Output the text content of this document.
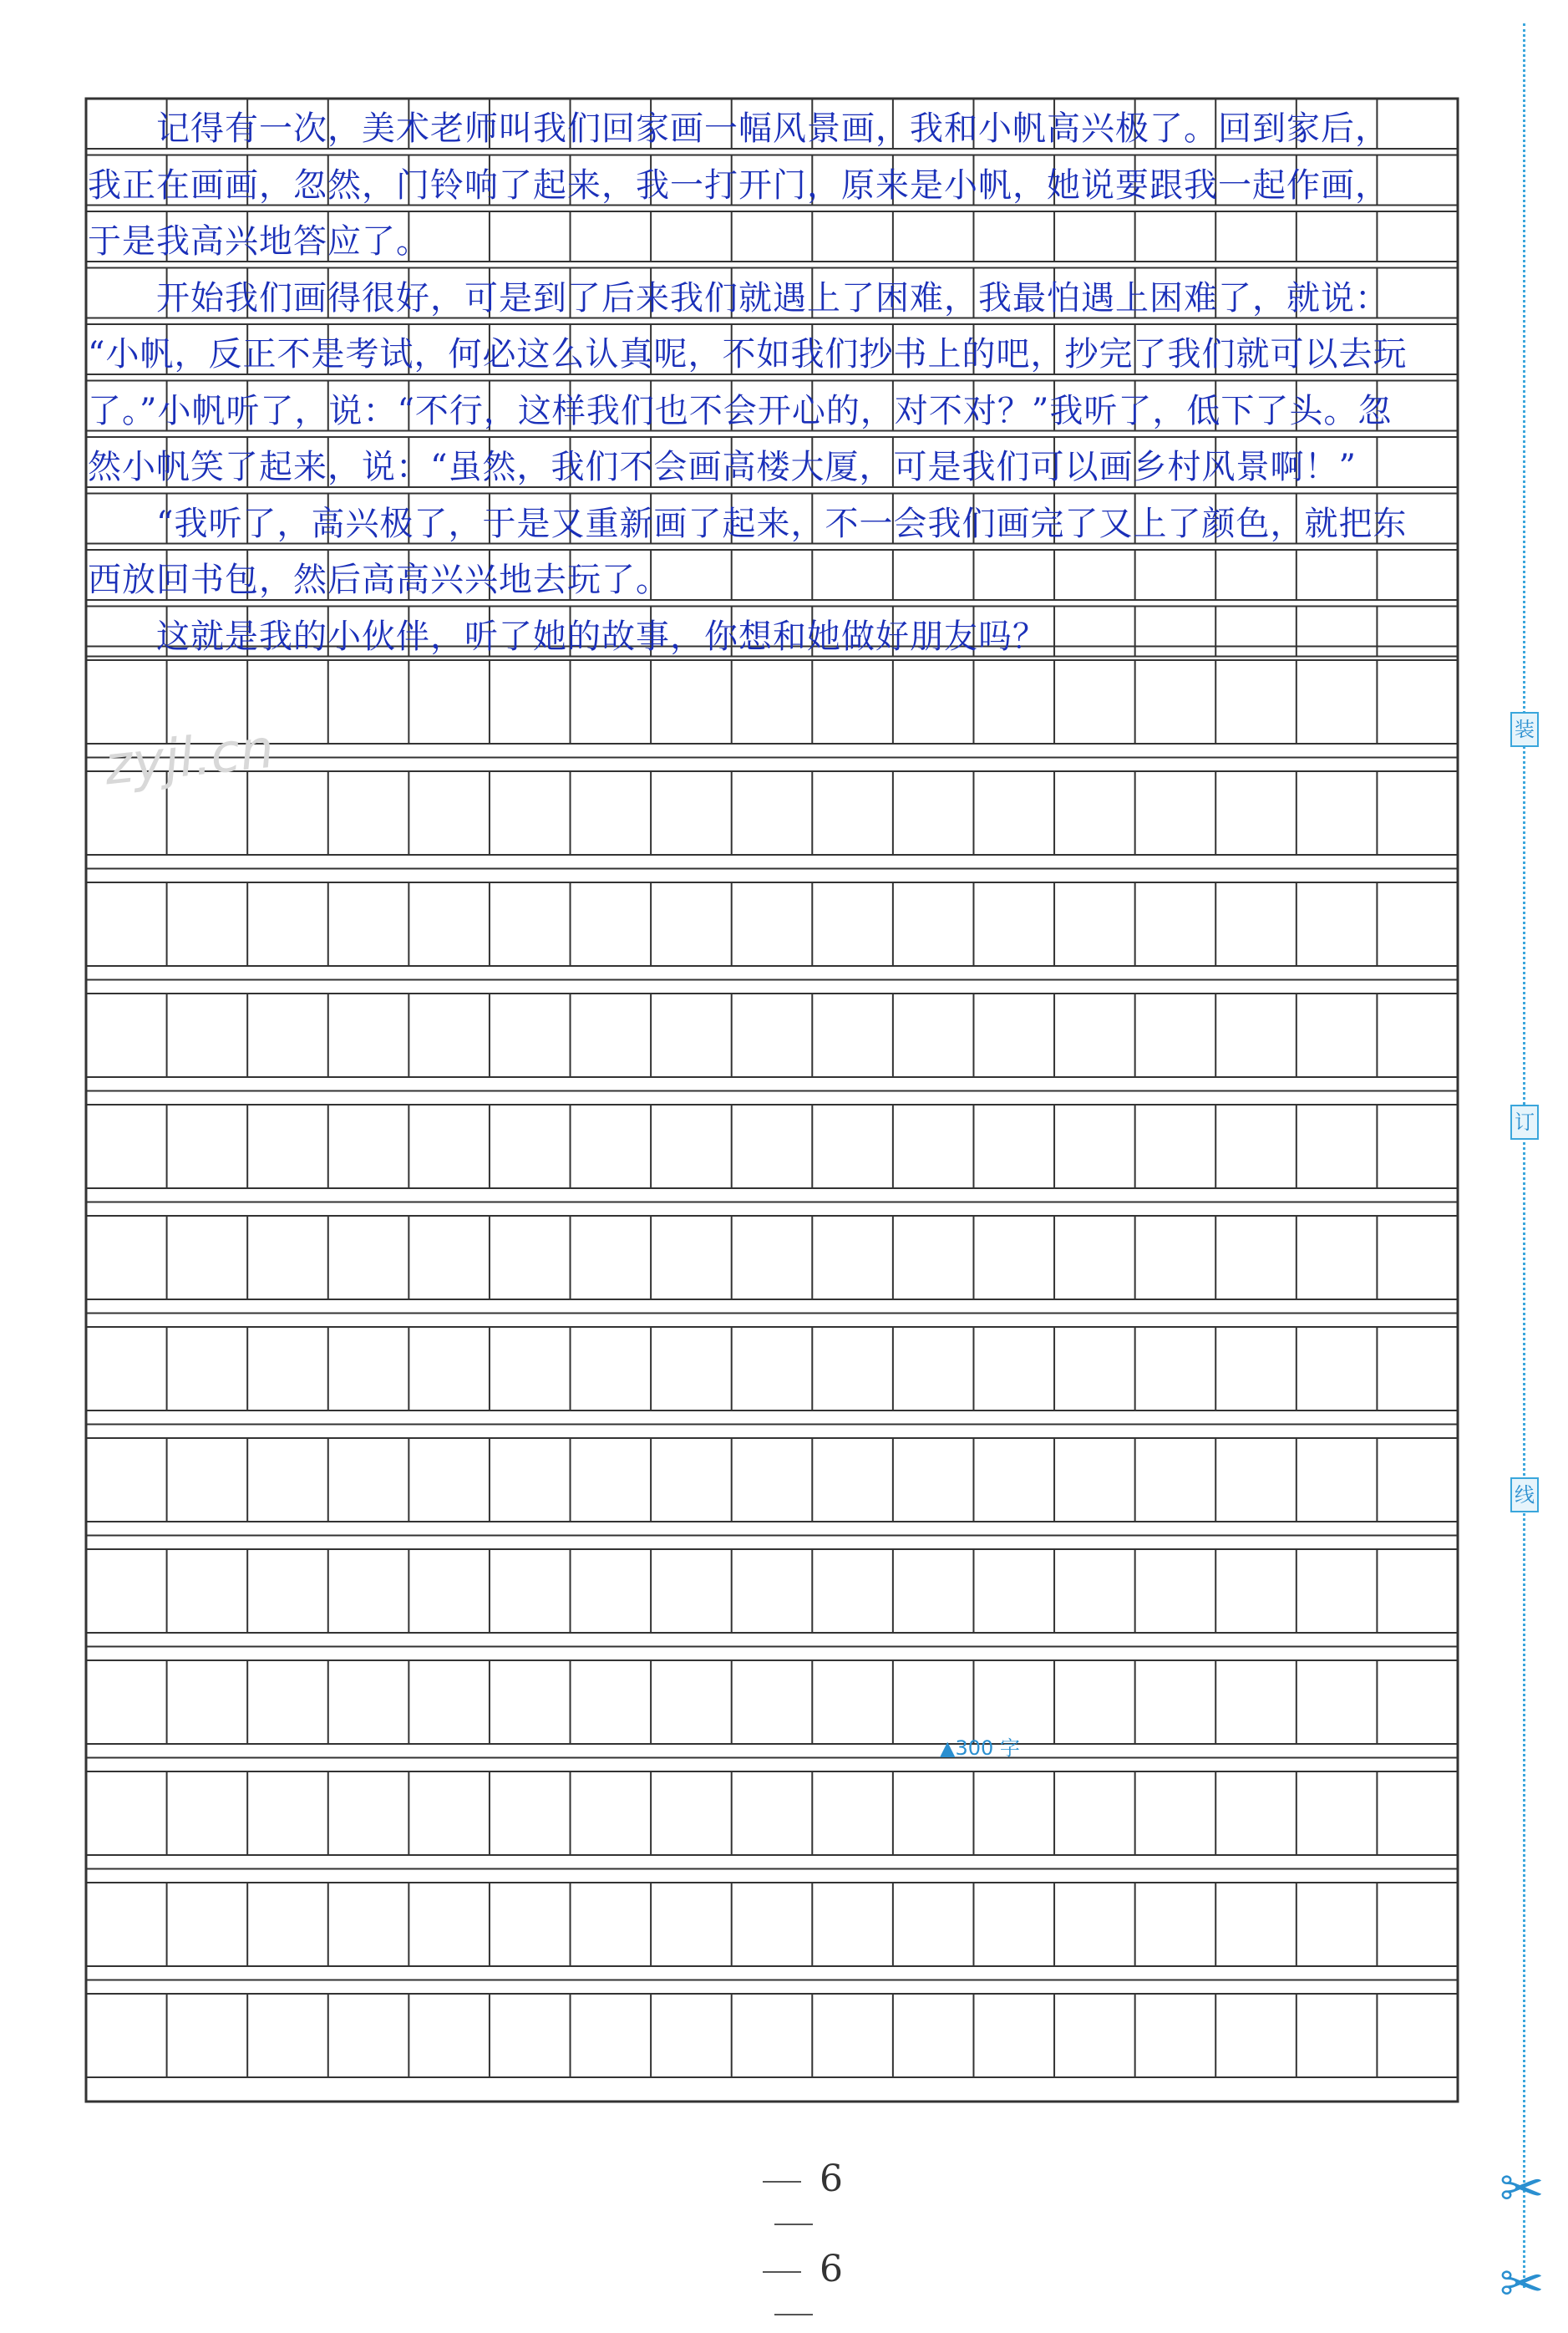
zyjl.cn
　　记得有一次，美术老师叫我们回家画一幅风景画，我和小帆高兴极了。回到家后，
我正在画画，忽然，门铃响了起来，我一打开门，原来是小帆，她说要跟我一起作画，
于是我高兴地答应了。
　　开始我们画得很好，可是到了后来我们就遇上了困难，我最怕遇上困难了，就说：
“小帆，反正不是考试，何必这么认真呢，不如我们抄书上的吧，抄完了我们就可以去玩
了。”小帆听了，说：“不行，这样我们也不会开心的，对不对？”我听了，低下了头。忽
然小帆笑了起来，说：“虽然，我们不会画高楼大厦，可是我们可以画乡村风景啊！”
　　“我听了，高兴极了，于是又重新画了起来，不一会我们画完了又上了颜色，就把东
西放回书包，然后高高兴兴地去玩了。
　　这就是我的小伙伴，听了她的故事，你想和她做好朋友吗？
▲300 字
6
6
装
订
线
✂
✂
